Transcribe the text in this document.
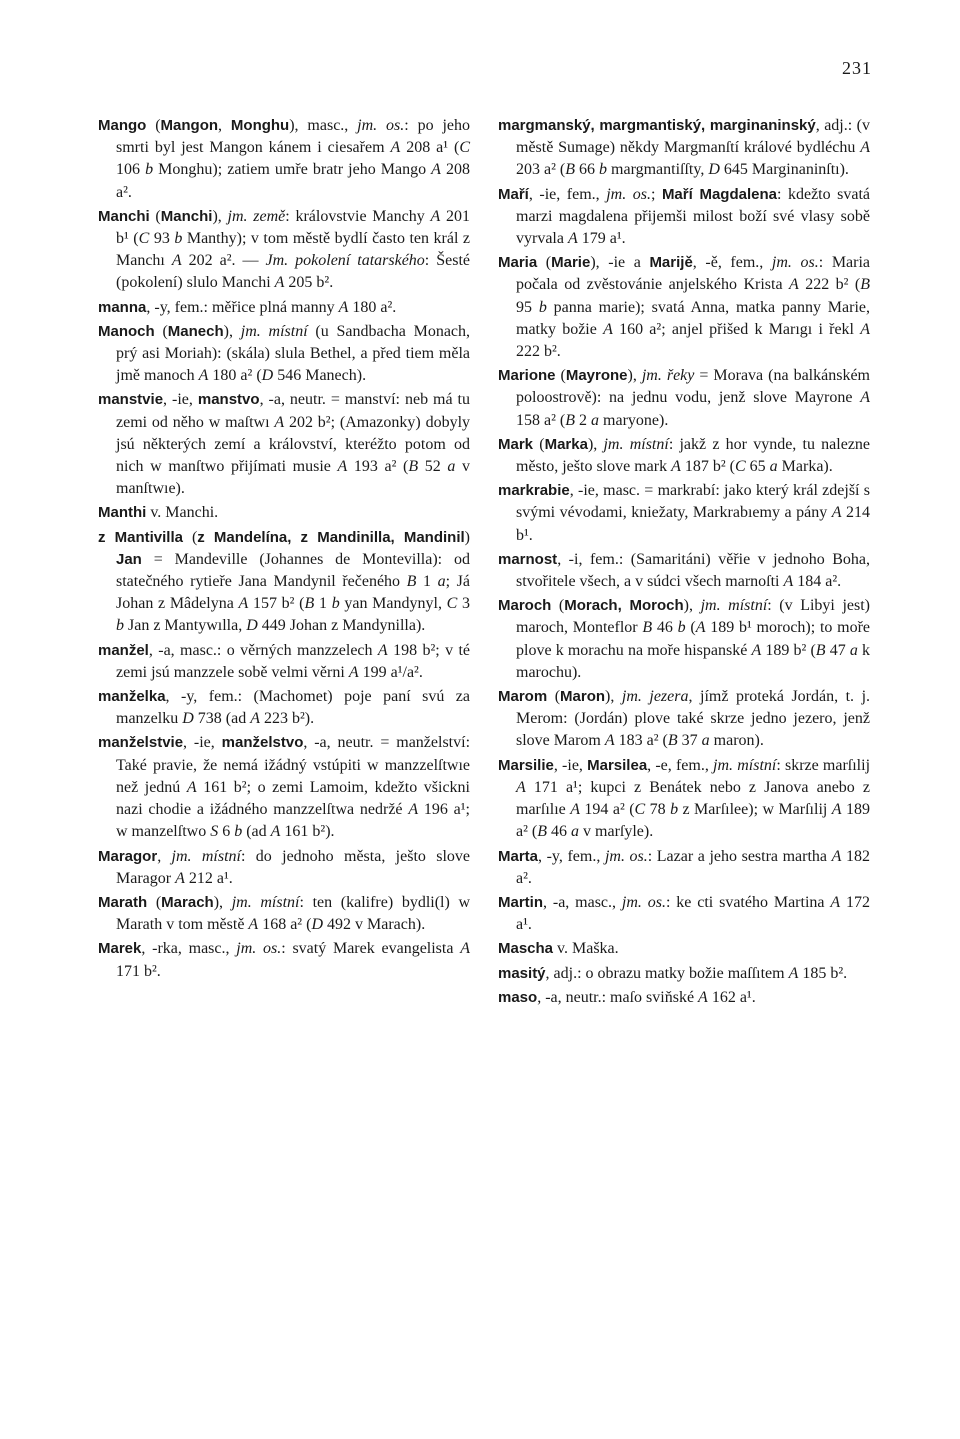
231

Mango (Mangon, Monghu), masc., jm. os.: po jeho smrti byl jest Mangon kánem i ciesařem A 208 a¹ (C 106 b Monghu); zatiem umře bratr jeho Mango A 208 a².

Manchi (Manchi), jm. země: královstvie Manchy A 201 b¹ (C 93 b Manthy); v tom městě bydlí často ten král z Manchı A 202 a². — Jm. pokolení tatarského: Šesté (pokolení) slulo Manchi A 205 b².

manna, -y, fem.: měřice plná manny A 180 a².

Manoch (Manech), jm. místní (u Sandbacha Monach, prý asi Moriah): (skála) slula Bethel, a před tiem měla jmě manoch A 180 a² (D 546 Manech).

manstvie, -ie, manstvo, -a, neutr. = manství: neb má tu zemi od něho w maſtwı A 202 b²; (Amazonky) dobyly jsú některých zemí a království, kteréžto potom od nich w manſtwo přijímati musie A 193 a² (B 52 a v manſtwıe).

Manthi v. Manchi.

z Mantivilla (z Mandelína, z Mandinilla, Mandinil) Jan = Mandeville (Johannes de Montevilla): od statečného rytieře Jana Mandynil řečeného B 1 a; Já Johan z Mâdelyna A 157 b² (B 1 b yan Mandynyl, C 3 b Jan z Mantywılla, D 449 Johan z Mandynilla).

manžel, -a, masc.: o věrných manzzelech A 198 b²; v té zemi jsú manzzele sobě velmi věrni A 199 a¹/a².

manželka, -y, fem.: (Machomet) poje paní svú za manzelku D 738 (ad A 223 b²).

manželstvie, -ie, manželstvo, -a, neutr. = manželství: Také pravie, že nemá ižádný vstúpiti w manzzelſtwıe než jednú A 161 b²; o zemi Lamoim, kdežto všickni nazi chodie a ižádného manzzelſtwa nedržé A 196 a¹; w manzelſtwo S 6 b (ad A 161 b²).

Maragor, jm. místní: do jednoho města, ješto slove Maragor A 212 a¹.

Marath (Marach), jm. místní: ten (kalifre) bydli(l) w Marath v tom městě A 168 a² (D 492 v Marach).

Marek, -rka, masc., jm. os.: svatý Marek evangelista A 171 b².

margmanský, margmantiský, marginaninský, adj.: (v městě Sumage) někdy Margmanſtí králové bydléchu A 203 a² (B 66 b margmantiſſty, D 645 Marginaninſtı).

Maří, -ie, fem., jm. os.; Maří Magdalena: kdežto svatá marzi magdalena přijemši milost boží své vlasy sobě vyrvala A 179 a¹.

Maria (Marie), -ie a Marijě, -ě, fem., jm. os.: Maria počala od zvěstovánie anjelského Krista A 222 b² (B 95 b panna marie); svatá Anna, matka panny Marie, matky božie A 160 a²; anjel přišed k Marıgı i řekl A 222 b².

Marione (Mayrone), jm. řeky = Morava (na balkánském poloostrově): na jednu vodu, jenž slove Mayrone A 158 a² (B 2 a maryone).

Mark (Marka), jm. místní: jakž z hor vynde, tu nalezne město, ješto slove mark A 187 b² (C 65 a Marka).

markrabie, -ie, masc. = markrabí: jako který král zdejší s svými vévodami, kniežaty, Markrabıemy a pány A 214 b¹.

marnost, -i, fem.: (Samaritáni) věřie v jednoho Boha, stvořitele všech, a v súdci všech marnoſti A 184 a².

Maroch (Morach, Moroch), jm. místní: (v Libyi jest) maroch, Monteflor B 46 b (A 189 b¹ moroch); to moře plove k morachu na moře hispanské A 189 b² (B 47 a k marochu).

Marom (Maron), jm. jezera, jímž proteká Jordán, t. j. Merom: (Jordán) plove také skrze jedno jezero, jenž slove Marom A 183 a² (B 37 a maron).

Marsilie, -ie, Marsilea, -e, fem., jm. místní: skrze marſılij A 171 a¹; kupci z Benátek nebo z Janova anebo z marſılıe A 194 a² (C 78 b z Marſılee); w Marſılij A 189 a² (B 46 a v marſyle).

Marta, -y, fem., jm. os.: Lazar a jeho sestra martha A 182 a².

Martin, -a, masc., jm. os.: ke cti svatého Martina A 172 a¹.

Mascha v. Maška.

masitý, adj.: o obrazu matky božie maſſıtem A 185 b².

maso, -a, neutr.: maſo sviňské A 162 a¹.
